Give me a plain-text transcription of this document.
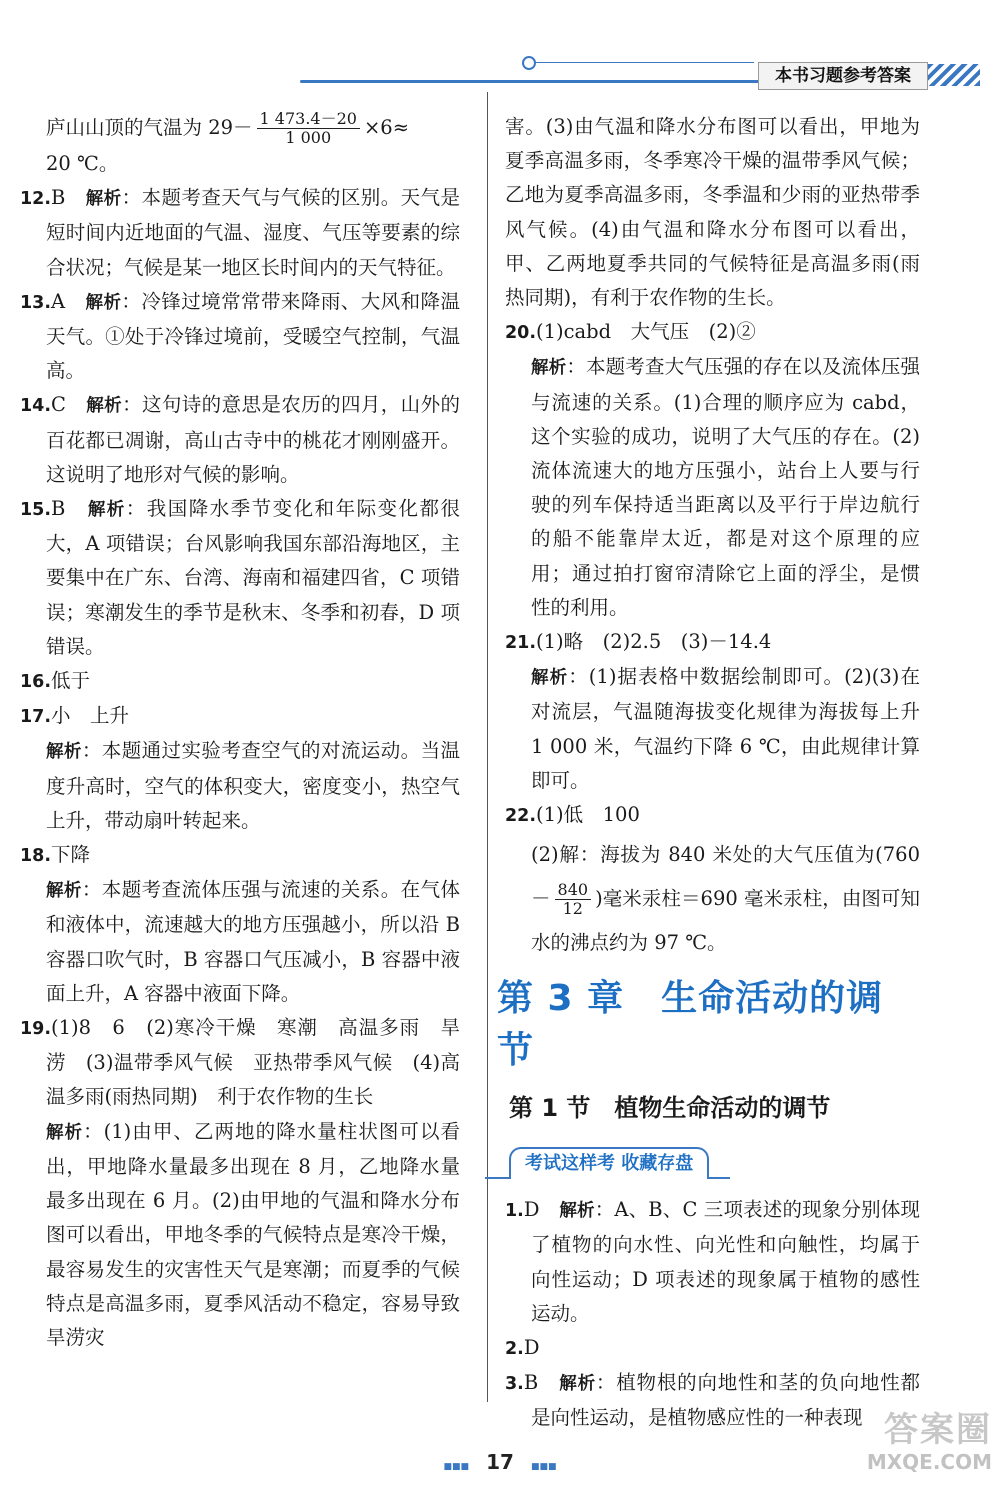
本书习题参考答案

庐山山顶的气温为 $29- \frac{1 473.4-20}{1 000} \times 6\approx$

20 ℃。

12.B　 解析：本题考查天气与气候的区别。天气是短时间内近地面的气温、湿度、气压等要素的综合状况；气候是某一地区长时间内的天气特征。

13.A　 解析：冷锋过境常常带来降雨、大风和降温天气。①处于冷锋过境前，受暖空气控制，气温高。

14.C　 解析：这句诗的意思是农历的四月，山外的百花都已凋谢，高山古寺中的桃花才刚刚盛开。这说明了地形对气候的影响。

15.B　 解析：我国降水季节变化和年际变化都很大，A 项错误；台风影响我国东部沿海地区，主要集中在广东、台湾、海南和福建四省，C 项错误；寒潮发生的季节是秋末、冬季和初春，D 项错误。

16.低于

17.小　上升

解析：本题通过实验考查空气的对流运动。当温度升高时，空气的体积变大，密度变小，热空气上升，带动扇叶转起来。

18.下降

解析：本题考查流体压强与流速的关系。在气体和液体中，流速越大的地方压强越小，所以沿 B 容器口吹气时，B 容器口气压减小，B 容器中液面上升，A 容器中液面下降。

19.(1)8　6　(2)寒冷干燥　寒潮　高温多雨　旱涝　(3)温带季风气候　亚热带季风气候　(4)高温多雨(雨热同期)　利于农作物的生长

解析：(1)由甲、乙两地的降水量柱状图可以看出，甲地降水量最多出现在 8 月，乙地降水量最多出现在 6 月。(2)由甲地的气温和降水分布图可以看出，甲地冬季的气候特点是寒冷干燥，最容易发生的灾害性天气是寒潮；而夏季的气候特点是高温多雨，夏季风活动不稳定，容易导致旱涝灾

害。(3)由气温和降水分布图可以看出，甲地为夏季高温多雨，冬季寒冷干燥的温带季风气候；乙地为夏季高温多雨，冬季温和少雨的亚热带季风气候。(4)由气温和降水分布图可以看出，甲、乙两地夏季共同的气候特征是高温多雨(雨热同期)，有利于农作物的生长。

20.(1)cabd　大气压　(2)②

解析：本题考查大气压强的存在以及流体压强与流速的关系。(1)合理的顺序应为 cabd，这个实验的成功，说明了大气压的存在。(2)流体流速大的地方压强小，站台上人要与行驶的列车保持适当距离以及平行于岸边航行的船不能靠岸太近，都是对这个原理的应用；通过拍打窗帘清除它上面的浮尘，是惯性的利用。

21.(1)略　(2)2.5　(3)－14.4

解析：(1)据表格中数据绘制即可。(2)(3)在对流层，气温随海拔变化规律为海拔每上升 1 000 米，气温约下降 6 ℃，由此规律计算即可。

22.(1)低　100

(2)解：海拔为 840 米处的大气压值为($760- \frac{840}{12}$ )毫米汞柱＝690 毫米汞柱，由图可知水的沸点约为 97 ℃。

第 3 章　生命活动的调节
第 1 节　植物生命活动的调节
考试这样考 收藏存盘

1.D　 解析：A、B、C 三项表述的现象分别体现了植物的向水性、向光性和向触性，均属于向性运动；D 项表述的现象属于植物的感性运动。

2.D

3.B　 解析：植物根的向地性和茎的负向地性都是向性运动，是植物感应性的一种表现

■■■ 17 ■■■
答案圈
MXQE.COM
